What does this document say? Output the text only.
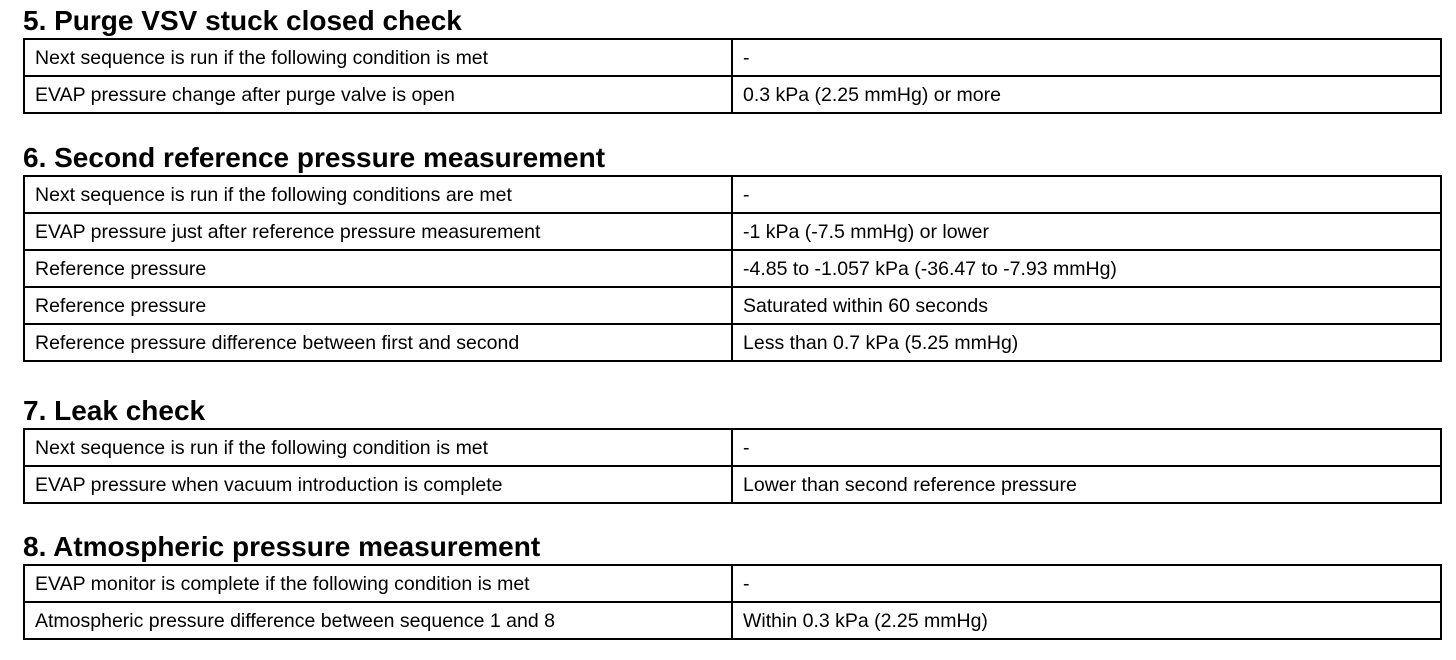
5. Purge VSV stuck closed check
Next sequence is run if the following condition is met	-
EVAP pressure change after purge valve is open	0.3 kPa (2.25 mmHg) or more
6. Second reference pressure measurement
Next sequence is run if the following conditions are met	-
EVAP pressure just after reference pressure measurement	-1 kPa (-7.5 mmHg) or lower
Reference pressure	-4.85 to -1.057 kPa (-36.47 to -7.93 mmHg)
Reference pressure	Saturated within 60 seconds
Reference pressure difference between first and second	Less than 0.7 kPa (5.25 mmHg)
7. Leak check
Next sequence is run if the following condition is met	-
EVAP pressure when vacuum introduction is complete	Lower than second reference pressure
8. Atmospheric pressure measurement
EVAP monitor is complete if the following condition is met	-
Atmospheric pressure difference between sequence 1 and 8	Within 0.3 kPa (2.25 mmHg)
